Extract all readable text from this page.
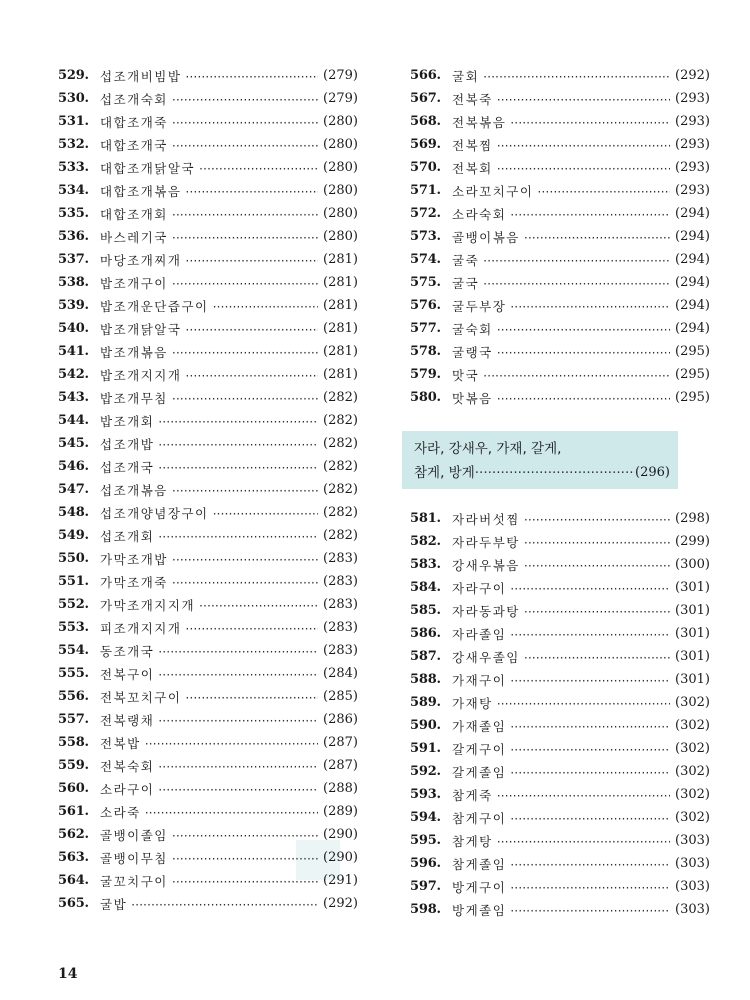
529. 섭조개비빔밥 ·····	(279)
530. 섭조개숙회 ·····	(279)
531. 대합조개죽 ·····	(280)
532. 대합조개국 ·····	(280)
533. 대합조개닭알국 ·····	(280)
534. 대합조개볶음 ·····	(280)
535. 대합조개회 ·····	(280)
536. 바스레기국 ·····	(280)
537. 마당조개찌개 ·····	(281)
538. 밥조개구이 ·····	(281)
539. 밥조개운단즙구이 ·····	(281)
540. 밥조개닭알국 ·····	(281)
541. 밥조개볶음 ·····	(281)
542. 밥조개지지개 ·····	(281)
543. 밥조개무침 ·····	(282)
544. 밥조개회 ·····	(282)
545. 섭조개밥 ·····	(282)
546. 섭조개국 ·····	(282)
547. 섭조개볶음 ·····	(282)
548. 섭조개양념장구이 ·····	(282)
549. 섭조개회 ·····	(282)
550. 가막조개밥 ·····	(283)
551. 가막조개죽 ·····	(283)
552. 가막조개지지개 ·····	(283)
553. 피조개지지개 ·····	(283)
554. 동조개국 ·····	(283)
555. 전복구이 ·····	(284)
556. 전복꼬치구이 ·····	(285)
557. 전복랭채 ·····	(286)
558. 전복밥 ·····	(287)
559. 전복숙회 ·····	(287)
560. 소라구이 ·····	(288)
561. 소라죽 ·····	(289)
562. 골뱅이졸임 ·····	(290)
563. 골뱅이무침 ·····	(290)
564. 굴꼬치구이 ·····	(291)
565. 굴밥 ·····	(292)
566. 굴회 ·····	(292)
567. 전복죽 ·····	(293)
568. 전복볶음 ·····	(293)
569. 전복찜 ·····	(293)
570. 전복회 ·····	(293)
571. 소라꼬치구이 ·····	(293)
572. 소라숙회 ·····	(294)
573. 골뱅이볶음 ·····	(294)
574. 굴죽 ·····	(294)
575. 굴국 ·····	(294)
576. 굴두부장 ·····	(294)
577. 굴숙회 ·····	(294)
578. 굴랭국 ·····	(295)
579. 맛국 ·····	(295)
580. 맛볶음 ·····	(295)
자라, 강새우, 가재, 갈게,
참게, 방게
·····	(296)
581. 자라버섯찜 ·····	(298)
582. 자라두부탕 ·····	(299)
583. 강새우볶음 ·····	(300)
584. 자라구이 ·····	(301)
585. 자라동과탕 ·····	(301)
586. 자라졸임 ·····	(301)
587. 강새우졸임 ·····	(301)
588. 가재구이 ·····	(301)
589. 가재탕 ·····	(302)
590. 가재졸임 ·····	(302)
591. 갈게구이 ·····	(302)
592. 갈게졸임 ·····	(302)
593. 참게죽 ·····	(302)
594. 참게구이 ·····	(302)
595. 참게탕 ·····	(303)
596. 참게졸임 ·····	(303)
597. 방게구이 ·····	(303)
598. 방게졸임 ·····	(303)
14
